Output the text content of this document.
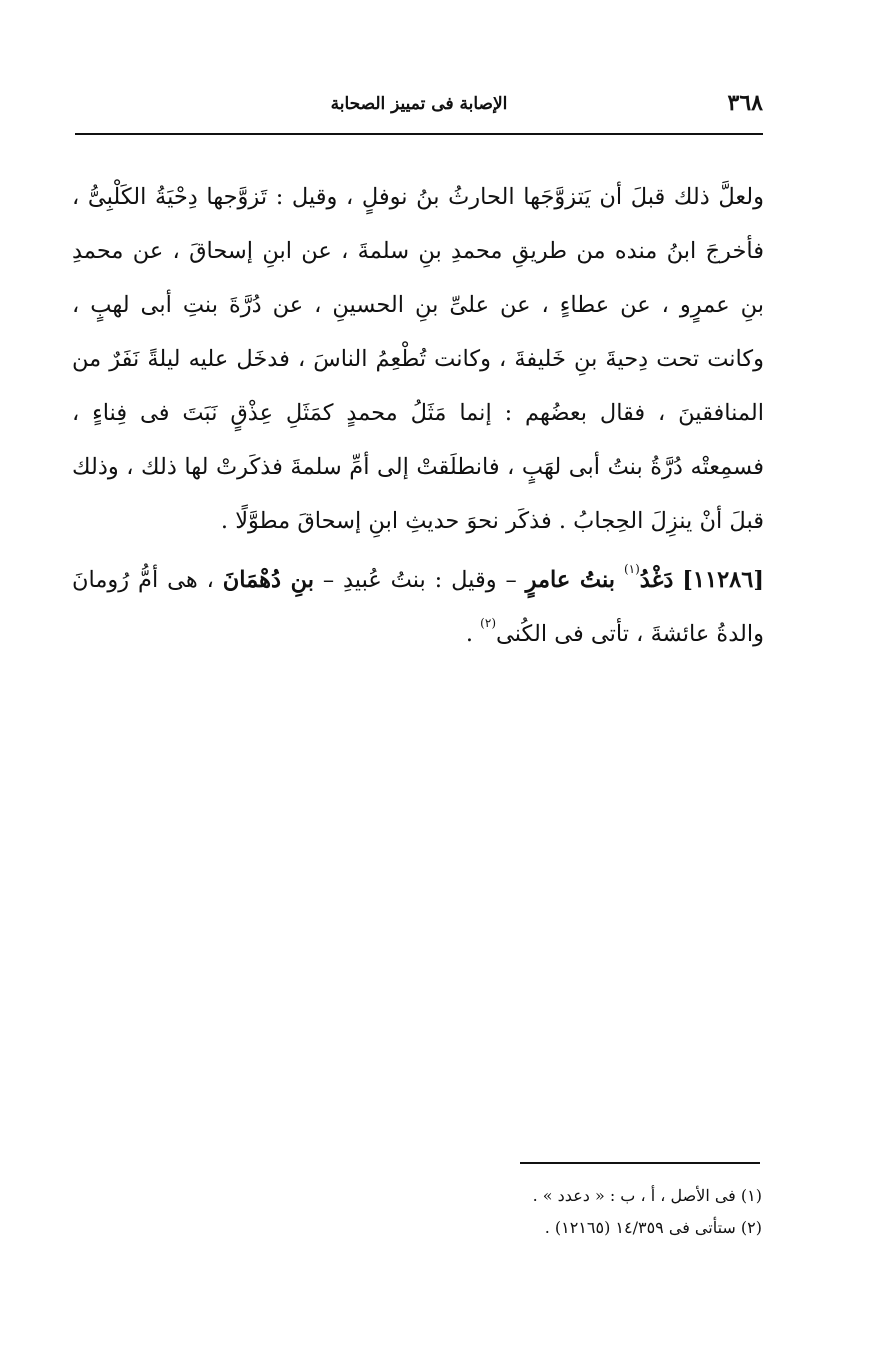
٣٦٨
الإصابة فى تمييز الصحابة

ولعلَّ ذلك قبلَ أن يَتزوَّجَها الحارثُ بنُ نوفلٍ ، وقيل : تَزوَّجها دِحْيَةُ الكَلْبِىُّ ، فأخرجَ ابنُ منده من طريقِ محمدِ بنِ سلمةَ ، عن ابنِ إسحاقَ ، عن محمدِ بنِ عمرٍو ، عن عطاءٍ ، عن علىِّ بنِ الحسينِ ، عن دُرَّةَ بنتِ أبى لهبٍ ، وكانت تحت دِحيةَ بنِ خَليفةَ ، وكانت تُطْعِمُ الناسَ ، فدخَل عليه ليلةً نَفَرٌ من المنافقينَ ، فقال بعضُهم : إنما مَثَلُ محمدٍ كمَثَلِ عِذْقٍ نَبَتَ فى فِناءٍ ، فسمِعتْه دُرَّةُ بنتُ أبى لهَبٍ ، فانطلَقتْ إلى أمِّ سلمةَ فذكَرتْ لها ذلك ، وذلك قبلَ أنْ ينزِلَ الحِجابُ . فذكَر نحوَ حديثِ ابنِ إسحاقَ مطوَّلًا .

[١١٢٨٦] دَغْدُ$^{(١)}$ بنتُ عامرٍ – وقيل : بنتُ عُبيدِ – بنِ دُهْمَانَ ، هى أمُّ رُومانَ والدةُ عائشةَ ، تأتى فى الكُنى$^{(٢)}$ .

(١) فى الأصل ، أ ، ب : « دعدد » .

(٢) ستأتى فى ١٤/٣٥٩ (١٢١٦٥) .
